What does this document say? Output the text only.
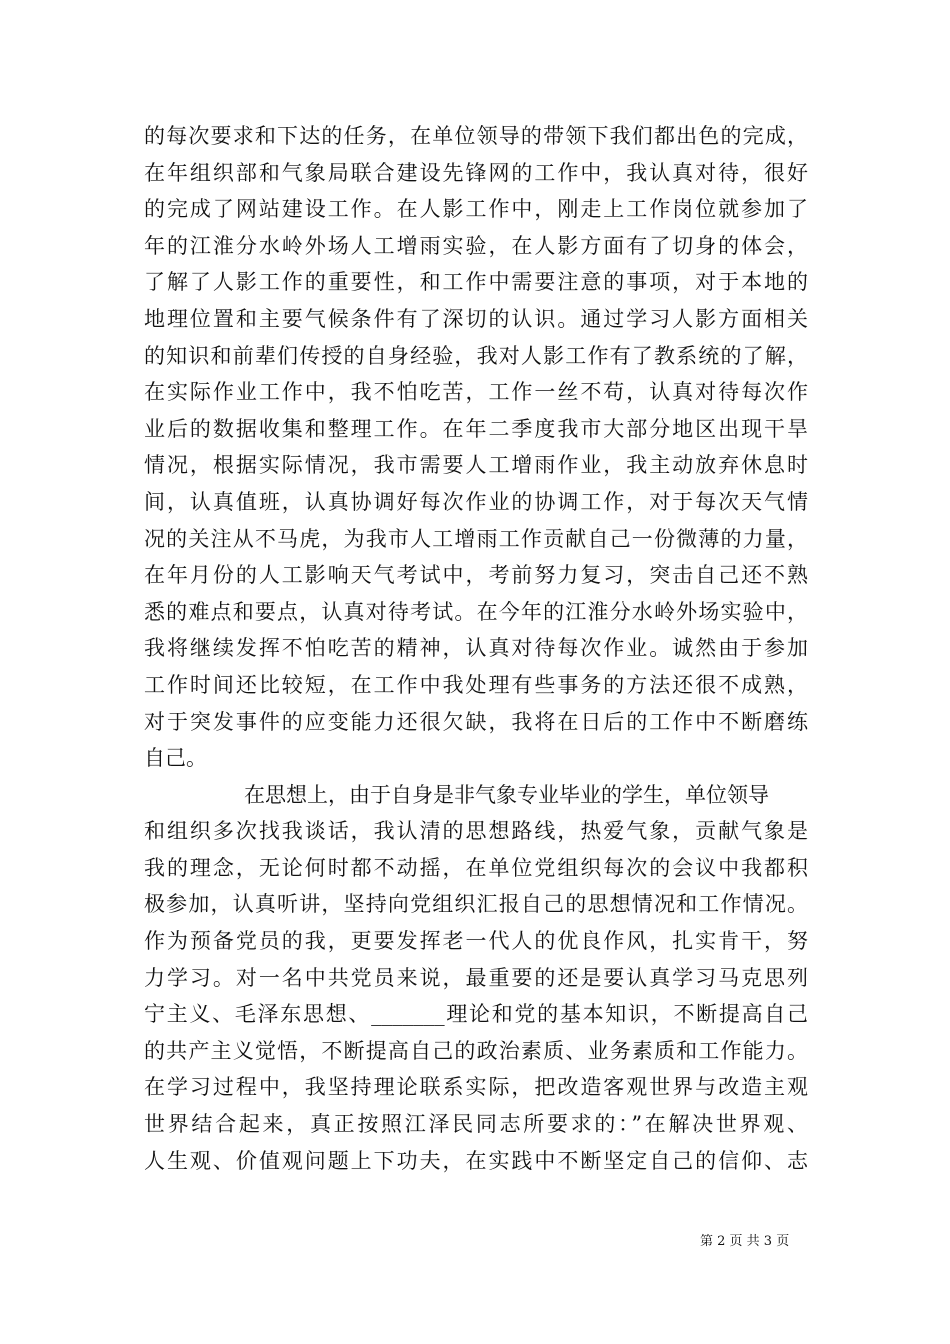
的每次要求和下达的任务，在单位领导的带领下我们都出色的完成，
在年组织部和气象局联合建设先锋网的工作中，我认真对待，很好
的完成了网站建设工作。在人影工作中，刚走上工作岗位就参加了
年的江淮分水岭外场人工增雨实验，在人影方面有了切身的体会，
了解了人影工作的重要性，和工作中需要注意的事项，对于本地的
地理位置和主要气候条件有了深切的认识。通过学习人影方面相关
的知识和前辈们传授的自身经验，我对人影工作有了教系统的了解，
在实际作业工作中，我不怕吃苦，工作一丝不苟，认真对待每次作
业后的数据收集和整理工作。在年二季度我市大部分地区出现干旱
情况，根据实际情况，我市需要人工增雨作业，我主动放弃休息时
间，认真值班，认真协调好每次作业的协调工作，对于每次天气情
况的关注从不马虎，为我市人工增雨工作贡献自己一份微薄的力量，
在年月份的人工影响天气考试中，考前努力复习，突击自己还不熟
悉的难点和要点，认真对待考试。在今年的江淮分水岭外场实验中，
我将继续发挥不怕吃苦的精神，认真对待每次作业。诚然由于参加
工作时间还比较短，在工作中我处理有些事务的方法还很不成熟，
对于突发事件的应变能力还很欠缺，我将在日后的工作中不断磨练
自己。
在思想上，由于自身是非气象专业毕业的学生，单位领导
和组织多次找我谈话，我认清的思想路线，热爱气象，贡献气象是
我的理念，无论何时都不动摇，在单位党组织每次的会议中我都积
极参加，认真听讲，坚持向党组织汇报自己的思想情况和工作情况。
作为预备党员的我，更要发挥老一代人的优良作风，扎实肯干，努
力学习。对一名中共党员来说，最重要的还是要认真学习马克思列
宁主义、毛泽东思想、_______理论和党的基本知识，不断提高自己
的共产主义觉悟，不断提高自己的政治素质、业务素质和工作能力。
在学习过程中，我坚持理论联系实际，把改造客观世界与改造主观
世界结合起来，真正按照江泽民同志所要求的：”在解决世界观、
人生观、价值观问题上下功夫，在实践中不断坚定自己的信仰、志
第 2 页 共 3 页
